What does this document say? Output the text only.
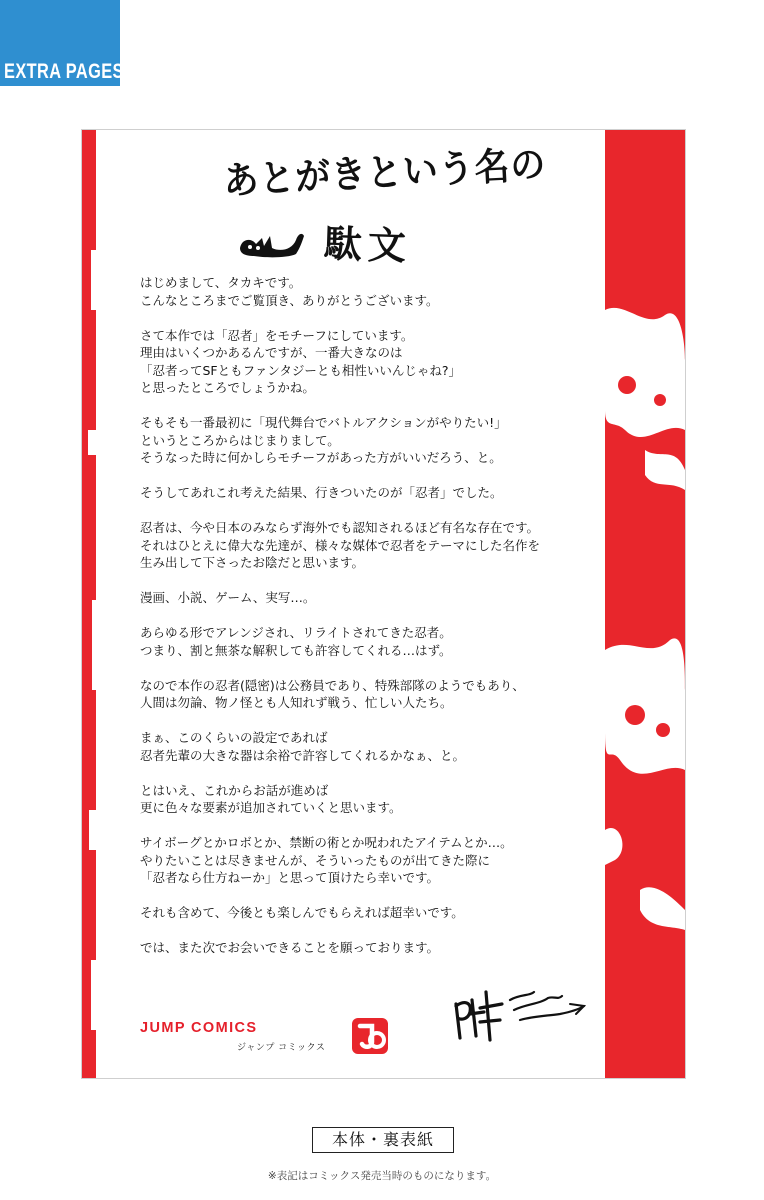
EXTRA PAGES
あとがきという名の
駄文
はじめまして、タカキです。
こんなところまでご覧頂き、ありがとうございます。
さて本作では「忍者」をモチーフにしています。
理由はいくつかあるんですが、一番大きなのは
「忍者ってSFともファンタジーとも相性いいんじゃね?」
と思ったところでしょうかね。
そもそも一番最初に「現代舞台でバトルアクションがやりたい!」
というところからはじまりまして。
そうなった時に何かしらモチーフがあった方がいいだろう、と。
そうしてあれこれ考えた結果、行きついたのが「忍者」でした。
忍者は、今や日本のみならず海外でも認知されるほど有名な存在です。
それはひとえに偉大な先達が、様々な媒体で忍者をテーマにした名作を
生み出して下さったお陰だと思います。
漫画、小説、ゲーム、実写…。
あらゆる形でアレンジされ、リライトされてきた忍者。
つまり、割と無茶な解釈しても許容してくれる…はず。
なので本作の忍者(隠密)は公務員であり、特殊部隊のようでもあり、
人間は勿論、物ノ怪とも人知れず戦う、忙しい人たち。
まぁ、このくらいの設定であれば
忍者先輩の大きな器は余裕で許容してくれるかなぁ、と。
とはいえ、これからお話が進めば
更に色々な要素が追加されていくと思います。
サイボーグとかロボとか、禁断の術とか呪われたアイテムとか…。
やりたいことは尽きませんが、そういったものが出てきた際に
「忍者なら仕方ねーか」と思って頂けたら幸いです。
それも含めて、今後とも楽しんでもらえれば超幸いです。
では、また次でお会いできることを願っております。
JUMP COMICS
ジャンプ コミックス
本体・裏表紙
※表記はコミックス発売当時のものになります。
